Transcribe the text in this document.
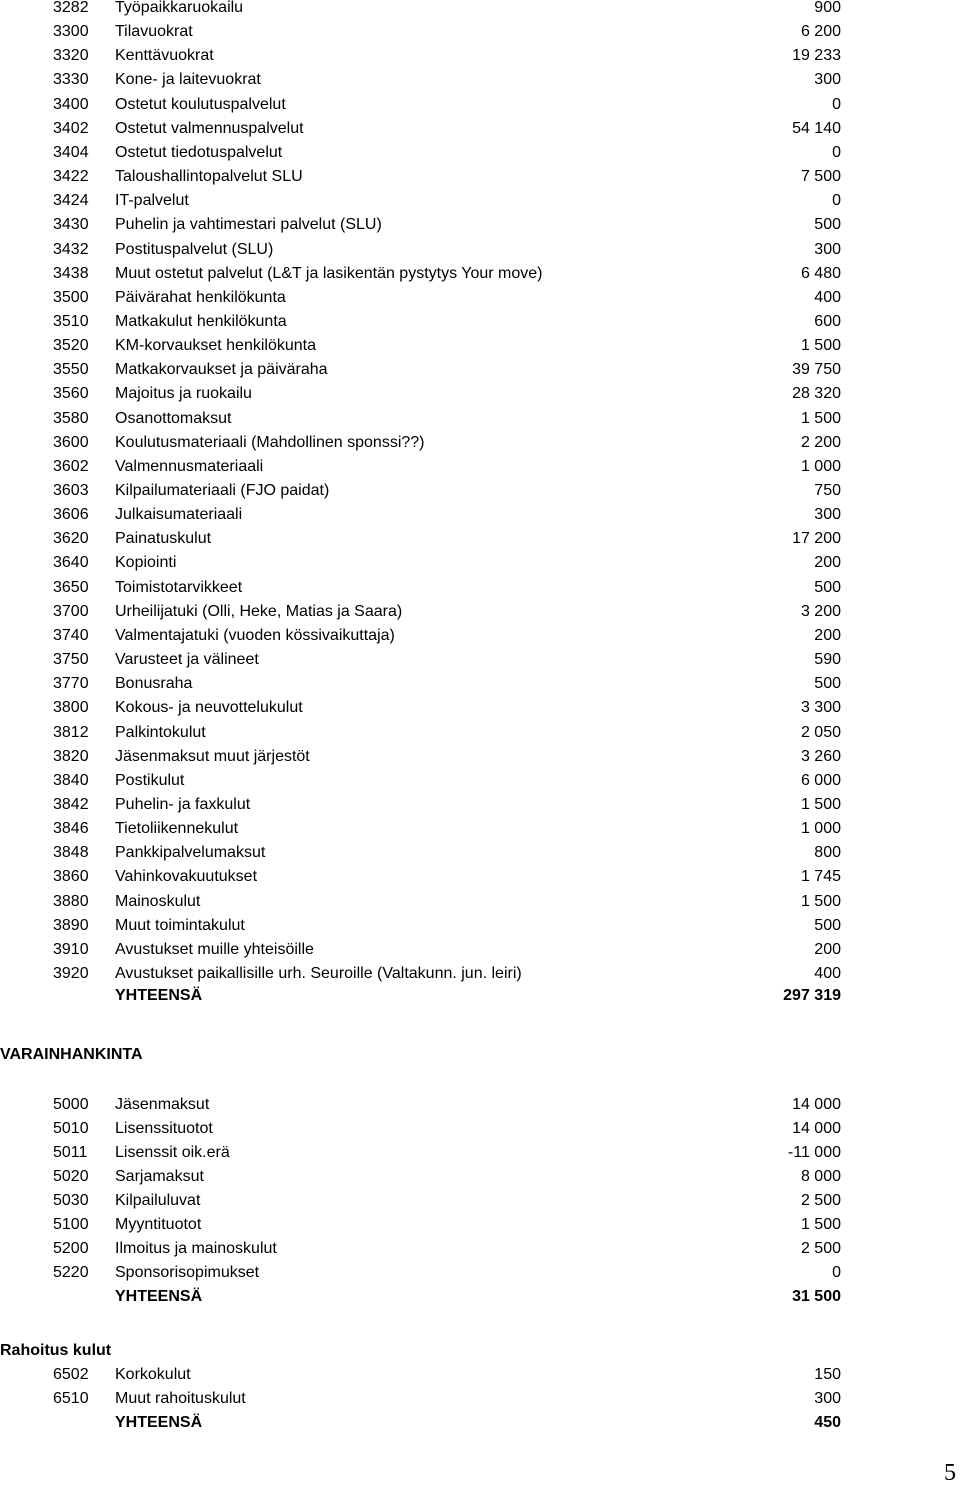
3282 Työpaikkaruokailu	900
3300 Tilavuokrat	6 200
3320 Kenttävuokrat	19 233
3330 Kone- ja laitevuokrat	300
3400 Ostetut koulutuspalvelut	0
3402 Ostetut valmennuspalvelut	54 140
3404 Ostetut tiedotuspalvelut	0
3422 Taloushallintopalvelut SLU	7 500
3424 IT-palvelut	0
3430 Puhelin ja vahtimestari palvelut (SLU)	500
3432 Postituspalvelut (SLU)	300
3438 Muut ostetut palvelut (L&T ja lasikentän pystytys Your move)	6 480
3500 Päivärahat henkilökunta	400
3510 Matkakulut henkilökunta	600
3520 KM-korvaukset henkilökunta	1 500
3550 Matkakorvaukset ja päiväraha	39 750
3560 Majoitus ja ruokailu	28 320
3580 Osanottomaksut	1 500
3600 Koulutusmateriaali (Mahdollinen sponssi??)	2 200
3602 Valmennusmateriaali	1 000
3603 Kilpailumateriaali (FJO paidat)	750
3606 Julkaisumateriaali	300
3620 Painatuskulut	17 200
3640 Kopiointi	200
3650 Toimistotarvikkeet	500
3700 Urheilijatuki (Olli, Heke, Matias ja Saara)	3 200
3740 Valmentajatuki (vuoden kössivaikuttaja)	200
3750 Varusteet ja välineet	590
3770 Bonusraha	500
3800 Kokous- ja neuvottelukulut	3 300
3812 Palkintokulut	2 050
3820 Jäsenmaksut muut järjestöt	3 260
3840 Postikulut	6 000
3842 Puhelin- ja faxkulut	1 500
3846 Tietoliikennekulut	1 000
3848 Pankkipalvelumaksut	800
3860 Vahinkovakuutukset	1 745
3880 Mainoskulut	1 500
3890 Muut toimintakulut	500
3910 Avustukset muille yhteisöille	200
3920 Avustukset paikallisille urh. Seuroille (Valtakunn. jun. leiri)	400
YHTEENSÄ	297 319
VARAINHANKINTA
5000 Jäsenmaksut	14 000
5010 Lisenssituotot	14 000
5011 Lisenssit oik.erä	-11 000
5020 Sarjamaksut	8 000
5030 Kilpailuluvat	2 500
5100 Myyntituotot	1 500
5200 Ilmoitus ja mainoskulut	2 500
5220 Sponsorisopimukset	0
YHTEENSÄ	31 500
Rahoitus kulut
6502 Korkokulut	150
6510 Muut rahoituskulut	300
YHTEENSÄ	450
5
